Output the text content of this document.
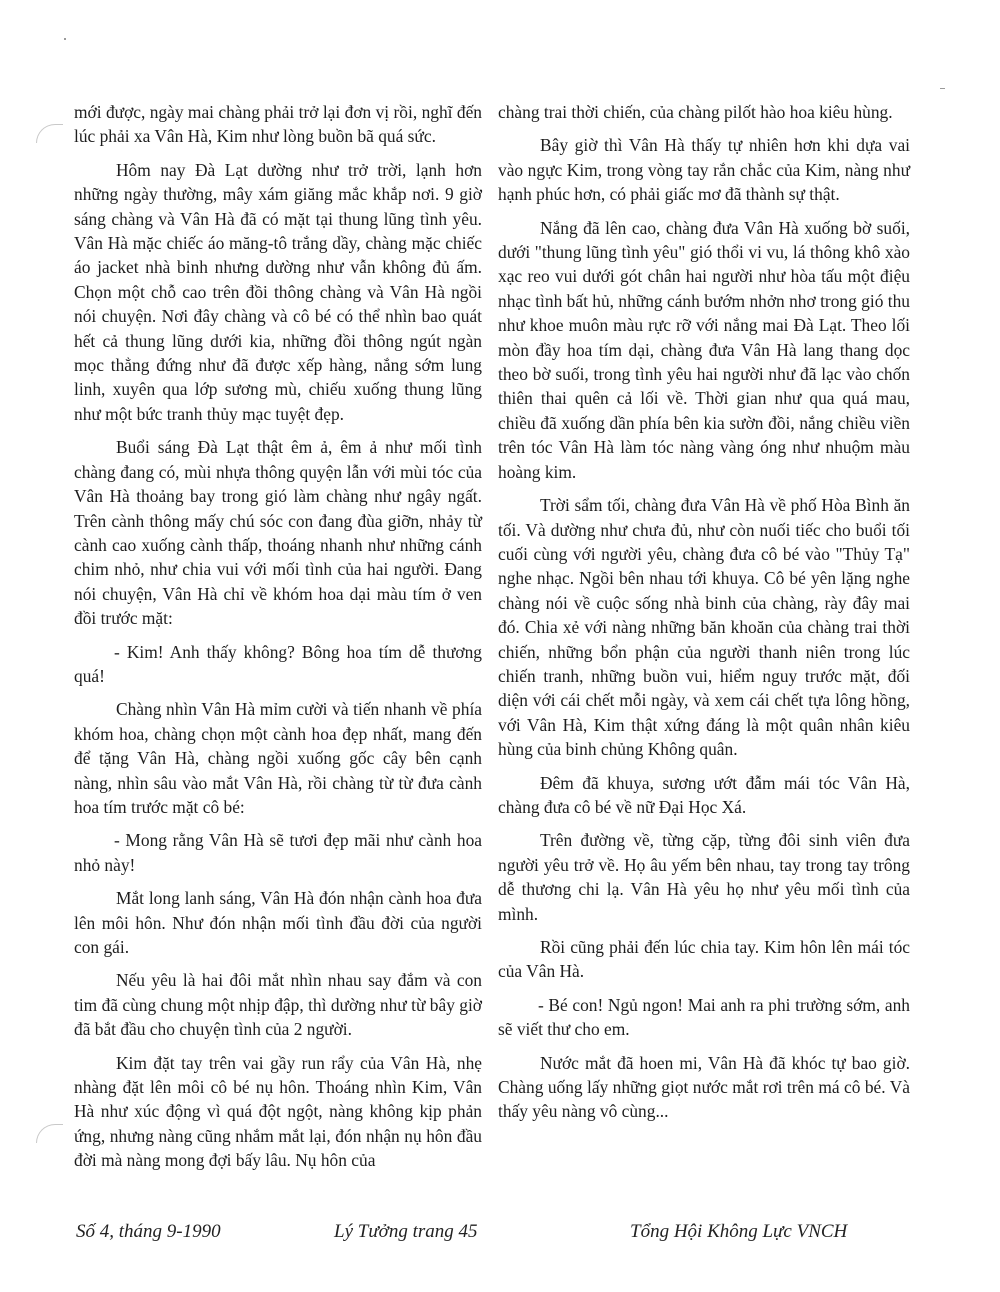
mới được, ngày mai chàng phải trở lại đơn vị rồi, nghĩ đến lúc phải xa Vân Hà, Kim như lòng buồn bã quá sức.

Hôm nay Đà Lạt dường như trở trời, lạnh hơn những ngày thường, mây xám giăng mắc khắp nơi. 9 giờ sáng chàng và Vân Hà đã có mặt tại thung lũng tình yêu. Vân Hà mặc chiếc áo măng-tô trắng dầy, chàng mặc chiếc áo jacket nhà binh nhưng dường như vẫn không đủ ấm. Chọn một chỗ cao trên đồi thông chàng và Vân Hà ngồi nói chuyện. Nơi đây chàng và cô bé có thể nhìn bao quát hết cả thung lũng dưới kia, những đồi thông ngút ngàn mọc thẳng đứng như đã được xếp hàng, nắng sớm lung linh, xuyên qua lớp sương mù, chiếu xuống thung lũng như một bức tranh thủy mạc tuyệt đẹp.

Buổi sáng Đà Lạt thật êm ả, êm ả như mối tình chàng đang có, mùi nhựa thông quyện lẫn với mùi tóc của Vân Hà thoảng bay trong gió làm chàng như ngây ngất. Trên cành thông mấy chú sóc con đang đùa giỡn, nhảy từ cành cao xuống cành thấp, thoáng nhanh như những cánh chim nhỏ, như chia vui với mối tình của hai người. Đang nói chuyện, Vân Hà chỉ về khóm hoa dại màu tím ở ven đồi trước mặt:

- Kim! Anh thấy không? Bông hoa tím dễ thương quá!

Chàng nhìn Vân Hà mỉm cười và tiến nhanh về phía khóm hoa, chàng chọn một cành hoa đẹp nhất, mang đến để tặng Vân Hà, chàng ngồi xuống gốc cây bên cạnh nàng, nhìn sâu vào mắt Vân Hà, rồi chàng từ từ đưa cành hoa tím trước mặt cô bé:

- Mong rằng Vân Hà sẽ tươi đẹp mãi như cành hoa nhỏ này!

Mắt long lanh sáng, Vân Hà đón nhận cành hoa đưa lên môi hôn. Như đón nhận mối tình đầu đời của người con gái.

Nếu yêu là hai đôi mắt nhìn nhau say đắm và con tim đã cùng chung một nhịp đập, thì dường như từ bây giờ đã bắt đầu cho chuyện tình của 2 người.

Kim đặt tay trên vai gầy run rẩy của Vân Hà, nhẹ nhàng đặt lên môi cô bé nụ hôn. Thoáng nhìn Kim, Vân Hà như xúc động vì quá đột ngột, nàng không kịp phản ứng, nhưng nàng cũng nhắm mắt lại, đón nhận nụ hôn đầu đời mà nàng mong đợi bấy lâu. Nụ hôn của

chàng trai thời chiến, của chàng pilốt hào hoa kiêu hùng.

Bây giờ thì Vân Hà thấy tự nhiên hơn khi dựa vai vào ngực Kim, trong vòng tay rắn chắc của Kim, nàng như hạnh phúc hơn, có phải giấc mơ đã thành sự thật.

Nắng đã lên cao, chàng đưa Vân Hà xuống bờ suối, dưới "thung lũng tình yêu" gió thổi vi vu, lá thông khô xào xạc reo vui dưới gót chân hai người như hòa tấu một điệu nhạc tình bất hủ, những cánh bướm nhởn nhơ trong gió thu như khoe muôn màu rực rỡ với nắng mai Đà Lạt. Theo lối mòn đầy hoa tím dại, chàng đưa Vân Hà lang thang dọc theo bờ suối, trong tình yêu hai người như đã lạc vào chốn thiên thai quên cả lối về. Thời gian như qua quá mau, chiều đã xuống dần phía bên kia sườn đồi, nắng chiều viền trên tóc Vân Hà làm tóc nàng vàng óng như nhuộm màu hoàng kim.

Trời sẩm tối, chàng đưa Vân Hà về phố Hòa Bình ăn tối. Và dường như chưa đủ, như còn nuối tiếc cho buổi tối cuối cùng với người yêu, chàng đưa cô bé vào "Thủy Tạ" nghe nhạc. Ngồi bên nhau tới khuya. Cô bé yên lặng nghe chàng nói về cuộc sống nhà binh của chàng, rày đây mai đó. Chia xẻ với nàng những băn khoăn của chàng trai thời chiến, những bổn phận của người thanh niên trong lúc chiến tranh, những buồn vui, hiểm nguy trước mặt, đối diện với cái chết mỗi ngày, và xem cái chết tựa lông hồng, với Vân Hà, Kim thật xứng đáng là một quân nhân kiêu hùng của binh chủng Không quân.

Đêm đã khuya, sương ướt đẫm mái tóc Vân Hà, chàng đưa cô bé về nữ Đại Học Xá.

Trên đường về, từng cặp, từng đôi sinh viên đưa người yêu trở về. Họ âu yếm bên nhau, tay trong tay trông dễ thương chi lạ. Vân Hà yêu họ như yêu mối tình của mình.

Rồi cũng phải đến lúc chia tay. Kim hôn lên mái tóc của Vân Hà.

- Bé con! Ngủ ngon! Mai anh ra phi trường sớm, anh sẽ viết thư cho em.

Nước mắt đã hoen mi, Vân Hà đã khóc tự bao giờ. Chàng uống lấy những giọt nước mắt rơi trên má cô bé. Và thấy yêu nàng vô cùng...

Số 4, tháng 9-1990	Lý Tưởng trang 45	Tổng Hội Không Lực VNCH
